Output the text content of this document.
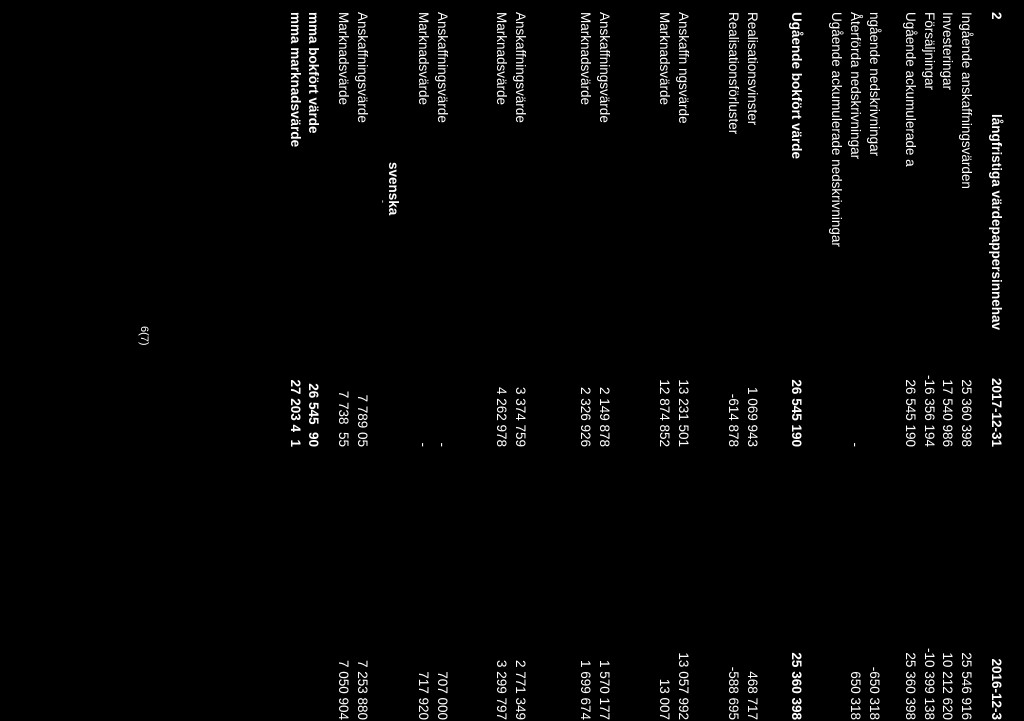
2
långfristiga värdepappersinnehav
2017-12-31
2016-12-3
Ingående anskaffningsvärden
25 360 398
25 546 916
Investeringar
17 540 986
10 212 620
Försäljningar
-16 356 194
-10 399 138
Ugående ackumulerade a
26 545 190
25 360 398
ngående nedskrivningar
-650 318
Återförda nedskrivningar
-
650 318
Ugående ackumulerade nedskrivningar
Ugående bokfört värde
26 545 190
25 360 398
Realisationsvinster
1 069 943
468 717
Realisationsförluster
-614 878
-588 695
Anskaffn ngsvärde
13 231 501
13 057 992
Marknadsvärde
12 874 852
13 007
Anskaffningsvärde
2 149 878
1 570 177
Marknadsvärde
2 326 926
1 699 674
Anskaffningsvärde
3 374 759
2 771 349
Marknadsvärde
4 262 978
3 299 797
Anskaffningsvärde
-
707 000
Marknadsvärde
-
717 920
svenska
-
Anskaffningsvärde
7 789 05
7 253 880
Marknadsvärde
7 738  55
7 050 904
mma bokfört värde
26 545  90
mma marknadsvärde
27 203 4  1
6(7)
